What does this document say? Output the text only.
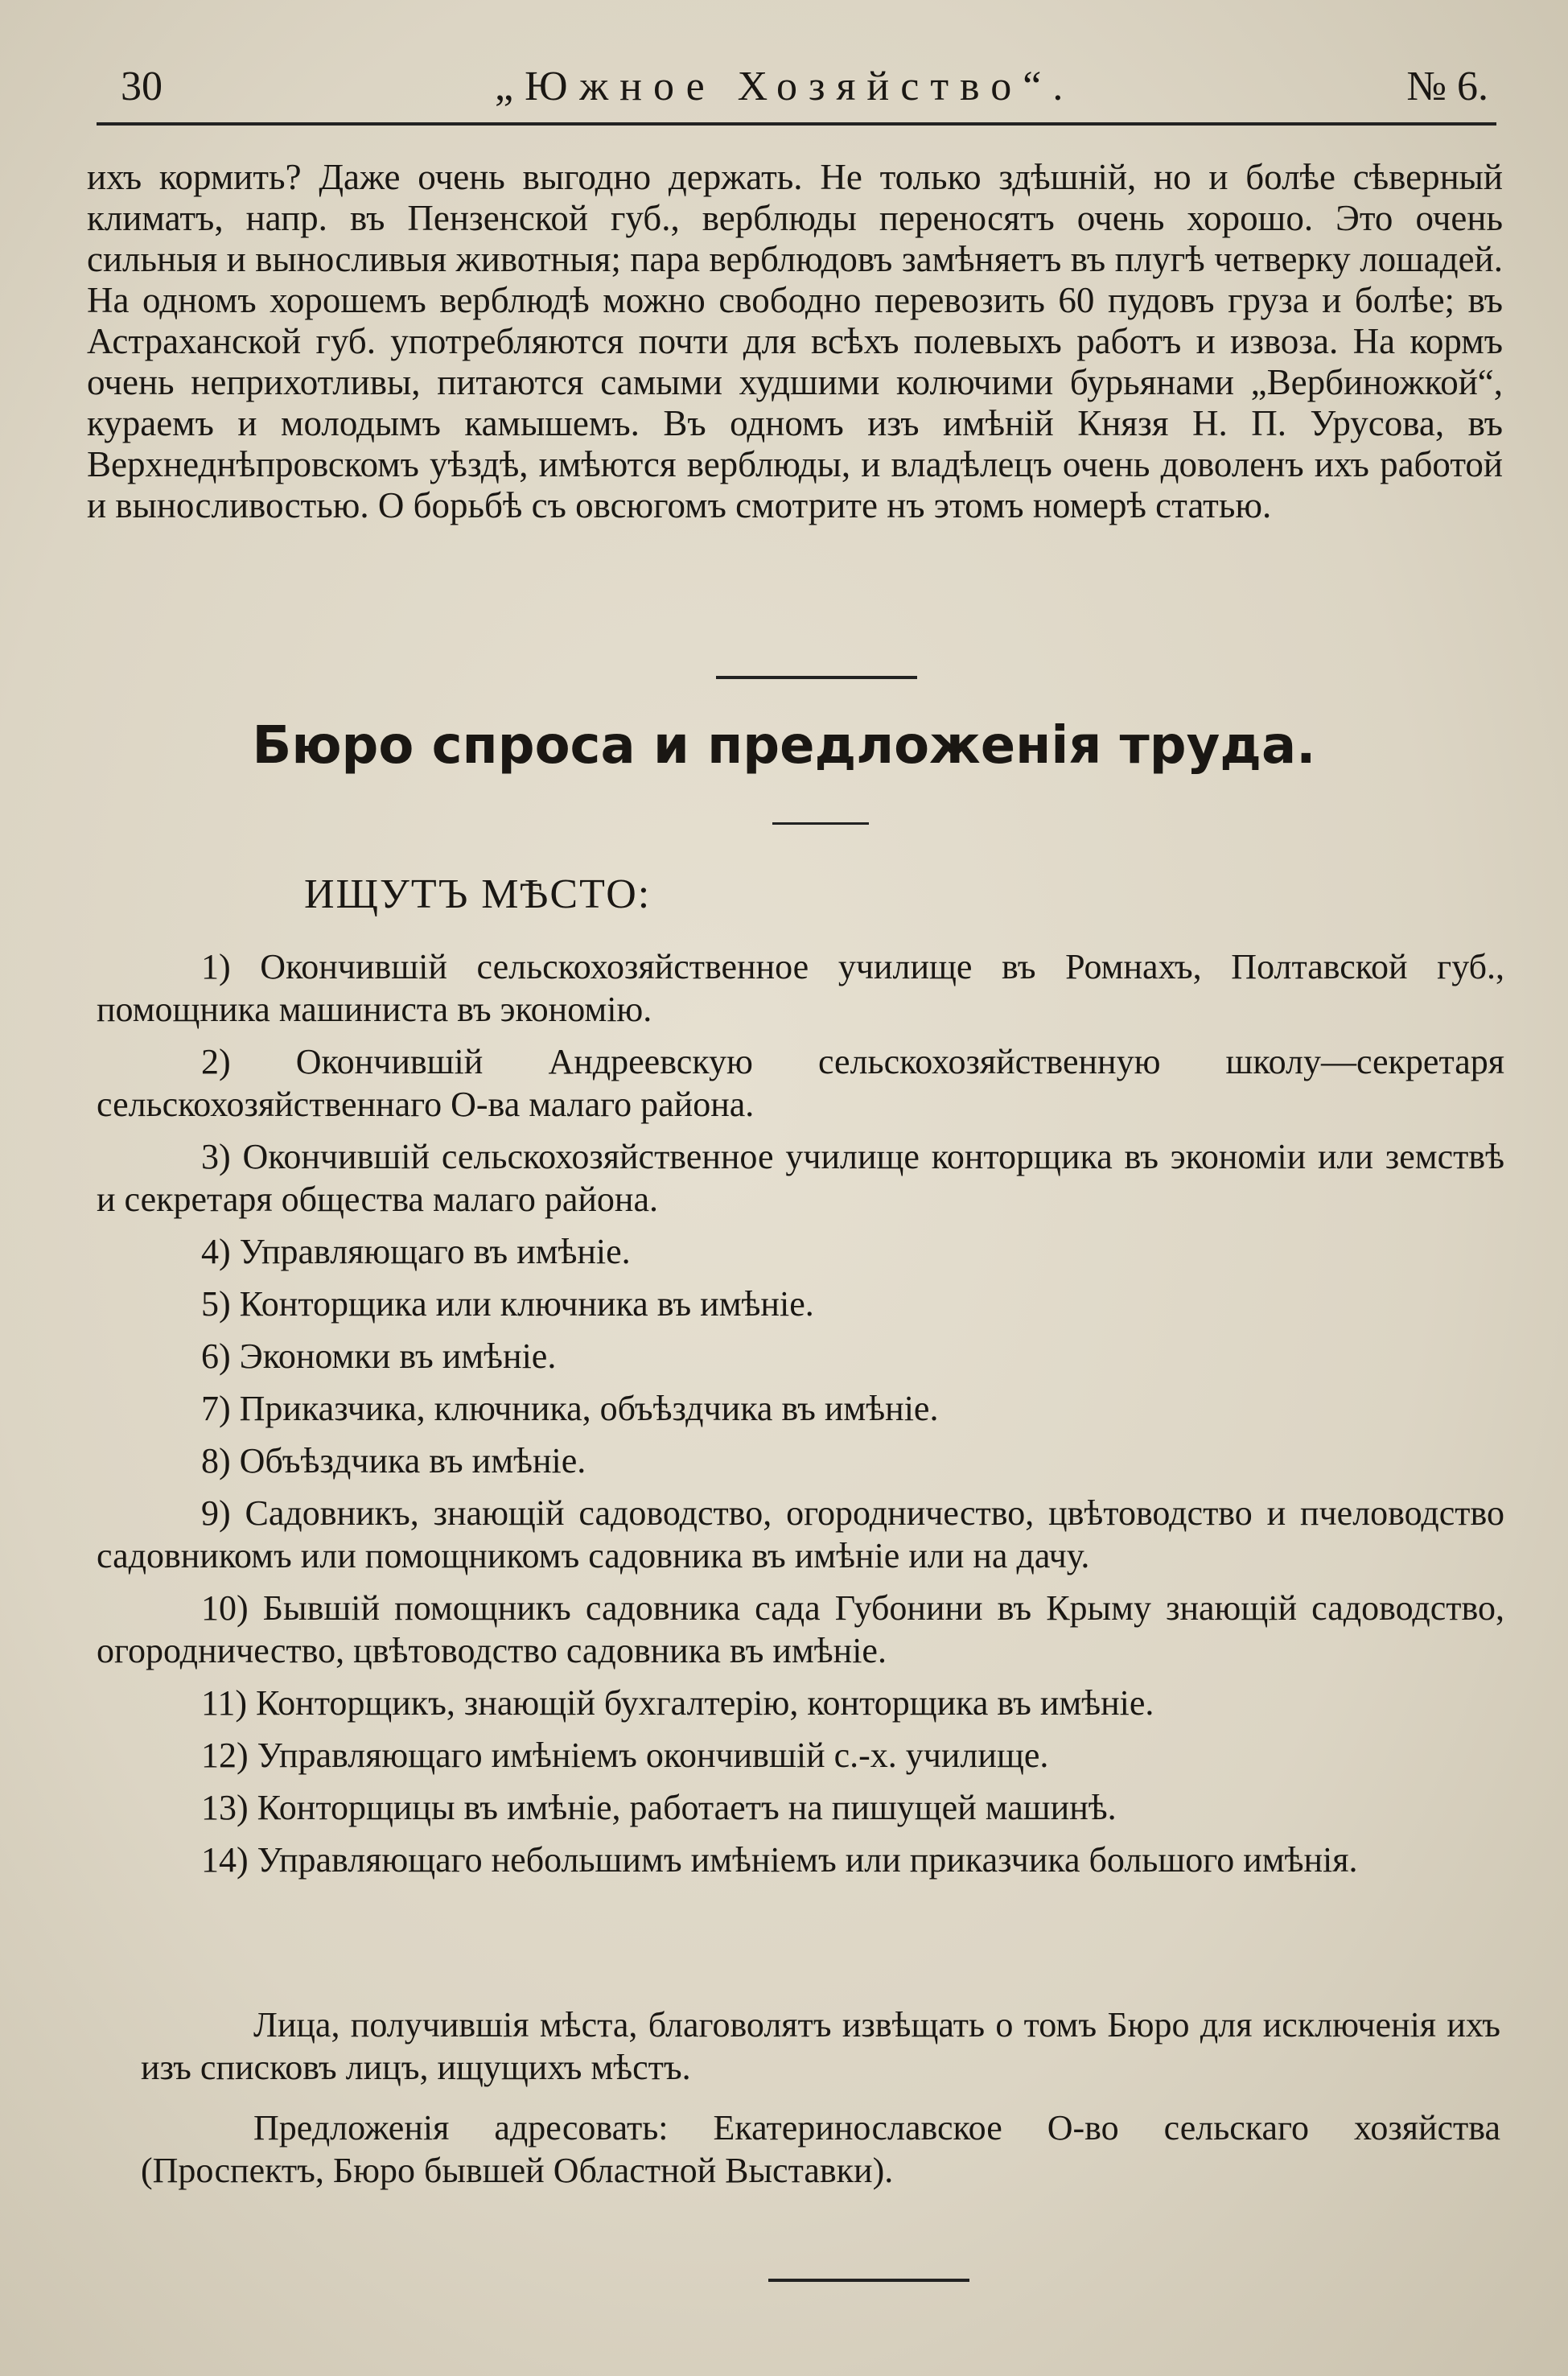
30	„Южное Хозяйство“.	№ 6.

ихъ кормить? Даже очень выгодно держать. Не только здѣшній, но и болѣе сѣверный климатъ, напр. въ Пензенской губ., верблюды переносятъ очень хорошо. Это очень сильныя и выносливыя животныя; пара верблюдовъ замѣняетъ въ плугѣ четверку лошадей. На одномъ хорошемъ верблюдѣ можно свободно перевозить 60 пудовъ груза и болѣе; въ Астраханской губ. употребляются почти для всѣхъ полевыхъ работъ и извоза. На кормъ очень неприхотливы, питаются самыми худшими колючими бурьянами „Вербиножкой“, кураемъ и молодымъ камышемъ. Въ одномъ изъ имѣній Князя Н. П. Урусова, въ Верхнеднѣпровскомъ уѣздѣ, имѣются верблюды, и владѣлецъ очень доволенъ ихъ работой и выносливостью. О борьбѣ съ овсюгомъ смотрите нъ этомъ номерѣ статью.

Бюро спроса и предложенія труда.
ИЩУТЪ МѢСТО:

1) Окончившій сельскохозяйственное училище въ Ромнахъ, Полтавской губ., помощника машиниста въ экономію.

2) Окончившій Андреевскую сельскохозяйственную школу—секретаря сельскохозяйственнаго О-ва малаго района.

3) Окончившій сельскохозяйственное училище конторщика въ экономіи или земствѣ и секретаря общества малаго района.

4) Управляющаго въ имѣніе.

5) Конторщика или ключника въ имѣніе.

6) Экономки въ имѣніе.

7) Приказчика, ключника, объѣздчика въ имѣніе.

8) Объѣздчика въ имѣніе.

9) Садовникъ, знающій садоводство, огородничество, цвѣтоводство и пчеловодство садовникомъ или помощникомъ садовника въ имѣніе или на дачу.

10) Бывшій помощникъ садовника сада Губонини въ Крыму знающій садоводство, огородничество, цвѣтоводство садовника въ имѣніе.

11) Конторщикъ, знающій бухгалтерію, конторщика въ имѣніе.

12) Управляющаго имѣніемъ окончившій с.-х. училище.

13) Конторщицы въ имѣніе, работаетъ на пишущей машинѣ.

14) Управляющаго небольшимъ имѣніемъ или приказчика большого имѣнія.

Лица, получившія мѣста, благоволятъ извѣщать о томъ Бюро для исключенія ихъ изъ списковъ лицъ, ищущихъ мѣстъ.

Предложенія адресовать: Екатеринославское О-во сельскаго хозяйства (Проспектъ, Бюро бывшей Областной Выставки).
